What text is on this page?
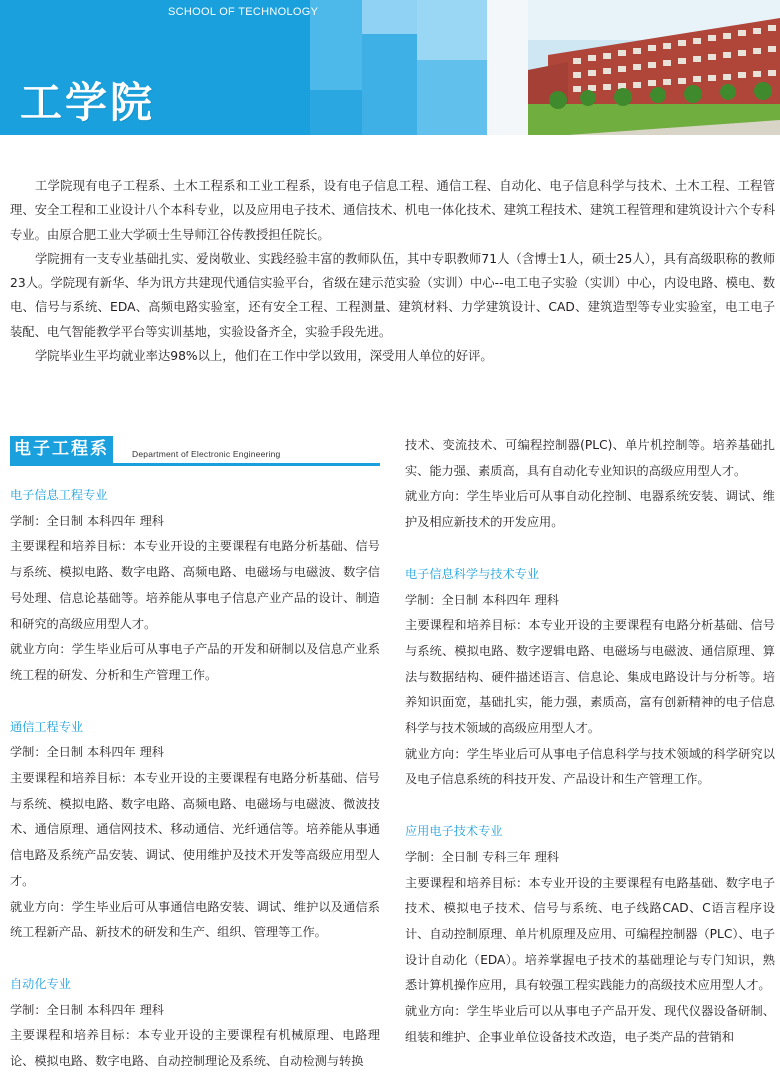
SCHOOL OF TECHNOLOGY
工学院

工学院现有电子工程系、土木工程系和工业工程系，设有电子信息工程、通信工程、自动化、电子信息科学与技术、土木工程、工程管理、安全工程和工业设计八个本科专业，以及应用电子技术、通信技术、机电一体化技术、建筑工程技术、建筑工程管理和建筑设计六个专科专业。由原合肥工业大学硕士生导师江谷传教授担任院长。

学院拥有一支专业基础扎实、爱岗敬业、实践经验丰富的教师队伍，其中专职教师71人（含博士1人，硕士25人），具有高级职称的教师23人。学院现有新华、华为讯方共建现代通信实验平台，省级在建示范实验（实训）中心--电工电子实验（实训）中心，内设电路、模电、数电、信号与系统、EDA、高频电路实验室，还有安全工程、工程测量、建筑材料、力学建筑设计、CAD、建筑造型等专业实验室，电工电子装配、电气智能教学平台等实训基地，实验设备齐全，实验手段先进。

学院毕业生平均就业率达98%以上，他们在工作中学以致用，深受用人单位的好评。

电子工程系	Department of Electronic Engineering

电子信息工程专业

学制：全日制 本科四年 理科

主要课程和培养目标：本专业开设的主要课程有电路分析基础、信号与系统、模拟电路、数字电路、高频电路、电磁场与电磁波、数字信号处理、信息论基础等。培养能从事电子信息产业产品的设计、制造和研究的高级应用型人才。

就业方向：学生毕业后可从事电子产品的开发和研制以及信息产业系统工程的研发、分析和生产管理工作。

通信工程专业

学制：全日制 本科四年 理科

主要课程和培养目标：本专业开设的主要课程有电路分析基础、信号与系统、模拟电路、数字电路、高频电路、电磁场与电磁波、微波技术、通信原理、通信网技术、移动通信、光纤通信等。培养能从事通信电路及系统产品安装、调试、使用维护及技术开发等高级应用型人才。

就业方向：学生毕业后可从事通信电路安装、调试、维护以及通信系统工程新产品、新技术的研发和生产、组织、管理等工作。

自动化专业

学制：全日制 本科四年 理科

主要课程和培养目标：本专业开设的主要课程有机械原理、电路理论、模拟电路、数字电路、自动控制理论及系统、自动检测与转换

技术、变流技术、可编程控制器(PLC)、单片机控制等。培养基础扎实、能力强、素质高，具有自动化专业知识的高级应用型人才。

就业方向：学生毕业后可从事自动化控制、电器系统安装、调试、维护及相应新技术的开发应用。

电子信息科学与技术专业

学制：全日制 本科四年 理科

主要课程和培养目标：本专业开设的主要课程有电路分析基础、信号与系统、模拟电路、数字逻辑电路、电磁场与电磁波、通信原理、算法与数据结构、硬件描述语言、信息论、集成电路设计与分析等。培养知识面宽，基础扎实，能力强，素质高，富有创新精神的电子信息科学与技术领域的高级应用型人才。

就业方向：学生毕业后可从事电子信息科学与技术领域的科学研究以及电子信息系统的科技开发、产品设计和生产管理工作。

应用电子技术专业

学制：全日制 专科三年 理科

主要课程和培养目标：本专业开设的主要课程有电路基础、数字电子技术、模拟电子技术、信号与系统、电子线路CAD、C语言程序设计、自动控制原理、单片机原理及应用、可编程控制器（PLC）、电子设计自动化（EDA）。培养掌握电子技术的基础理论与专门知识，熟悉计算机操作应用，具有较强工程实践能力的高级技术应用型人才。

就业方向：学生毕业后可以从事电子产品开发、现代仪器设备研制、组装和维护、企事业单位设备技术改造，电子类产品的营销和
